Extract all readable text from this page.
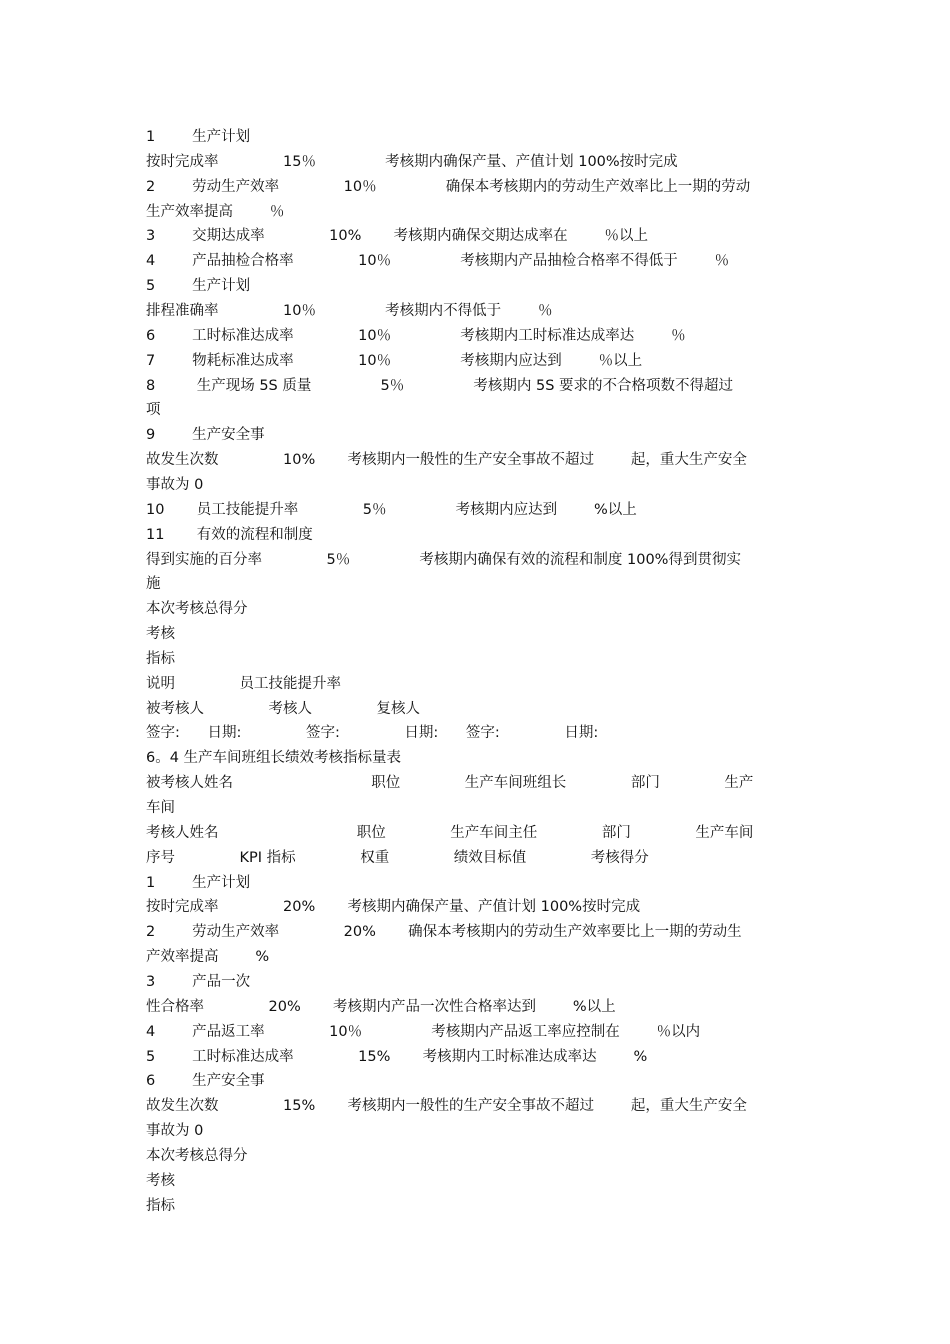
1        生产计划
按时完成率              15％               考核期内确保产量、产值计划 100%按时完成
2        劳动生产效率              10％               确保本考核期内的劳动生产效率比上一期的劳动
生产效率提高        ％
3        交期达成率              10%       考核期内确保交期达成率在        ％以上
4        产品抽检合格率              10％               考核期内产品抽检合格率不得低于        ％
5        生产计划
排程准确率              10％               考核期内不得低于        ％
6        工时标准达成率              10％               考核期内工时标准达成率达        ％
7        物耗标准达成率              10％               考核期内应达到        ％以上
8         生产现场 5S 质量               5％               考核期内 5S 要求的不合格项数不得超过
项
9        生产安全事
故发生次数              10%       考核期内一般性的生产安全事故不超过        起，重大生产安全
事故为 0
10       员工技能提升率              5％               考核期内应达到        %以上
11       有效的流程和制度
得到实施的百分率              5％               考核期内确保有效的流程和制度 100%得到贯彻实
施
本次考核总得分
考核
指标
说明              员工技能提升率
被考核人              考核人              复核人
签字:      日期:              签字:              日期:      签字:              日期:
6。4 生产车间班组长绩效考核指标量表
被考核人姓名                              职位              生产车间班组长              部门              生产
车间
考核人姓名                              职位              生产车间主任              部门              生产车间
序号              KPI 指标              权重              绩效目标值              考核得分
1        生产计划
按时完成率              20%       考核期内确保产量、产值计划 100%按时完成
2        劳动生产效率              20%       确保本考核期内的劳动生产效率要比上一期的劳动生
产效率提高        %
3        产品一次
性合格率              20%       考核期内产品一次性合格率达到        %以上
4        产品返工率              10％               考核期内产品返工率应控制在        ％以内
5        工时标准达成率              15%       考核期内工时标准达成率达        %
6        生产安全事
故发生次数              15%       考核期内一般性的生产安全事故不超过        起，重大生产安全
事故为 0
本次考核总得分
考核
指标
